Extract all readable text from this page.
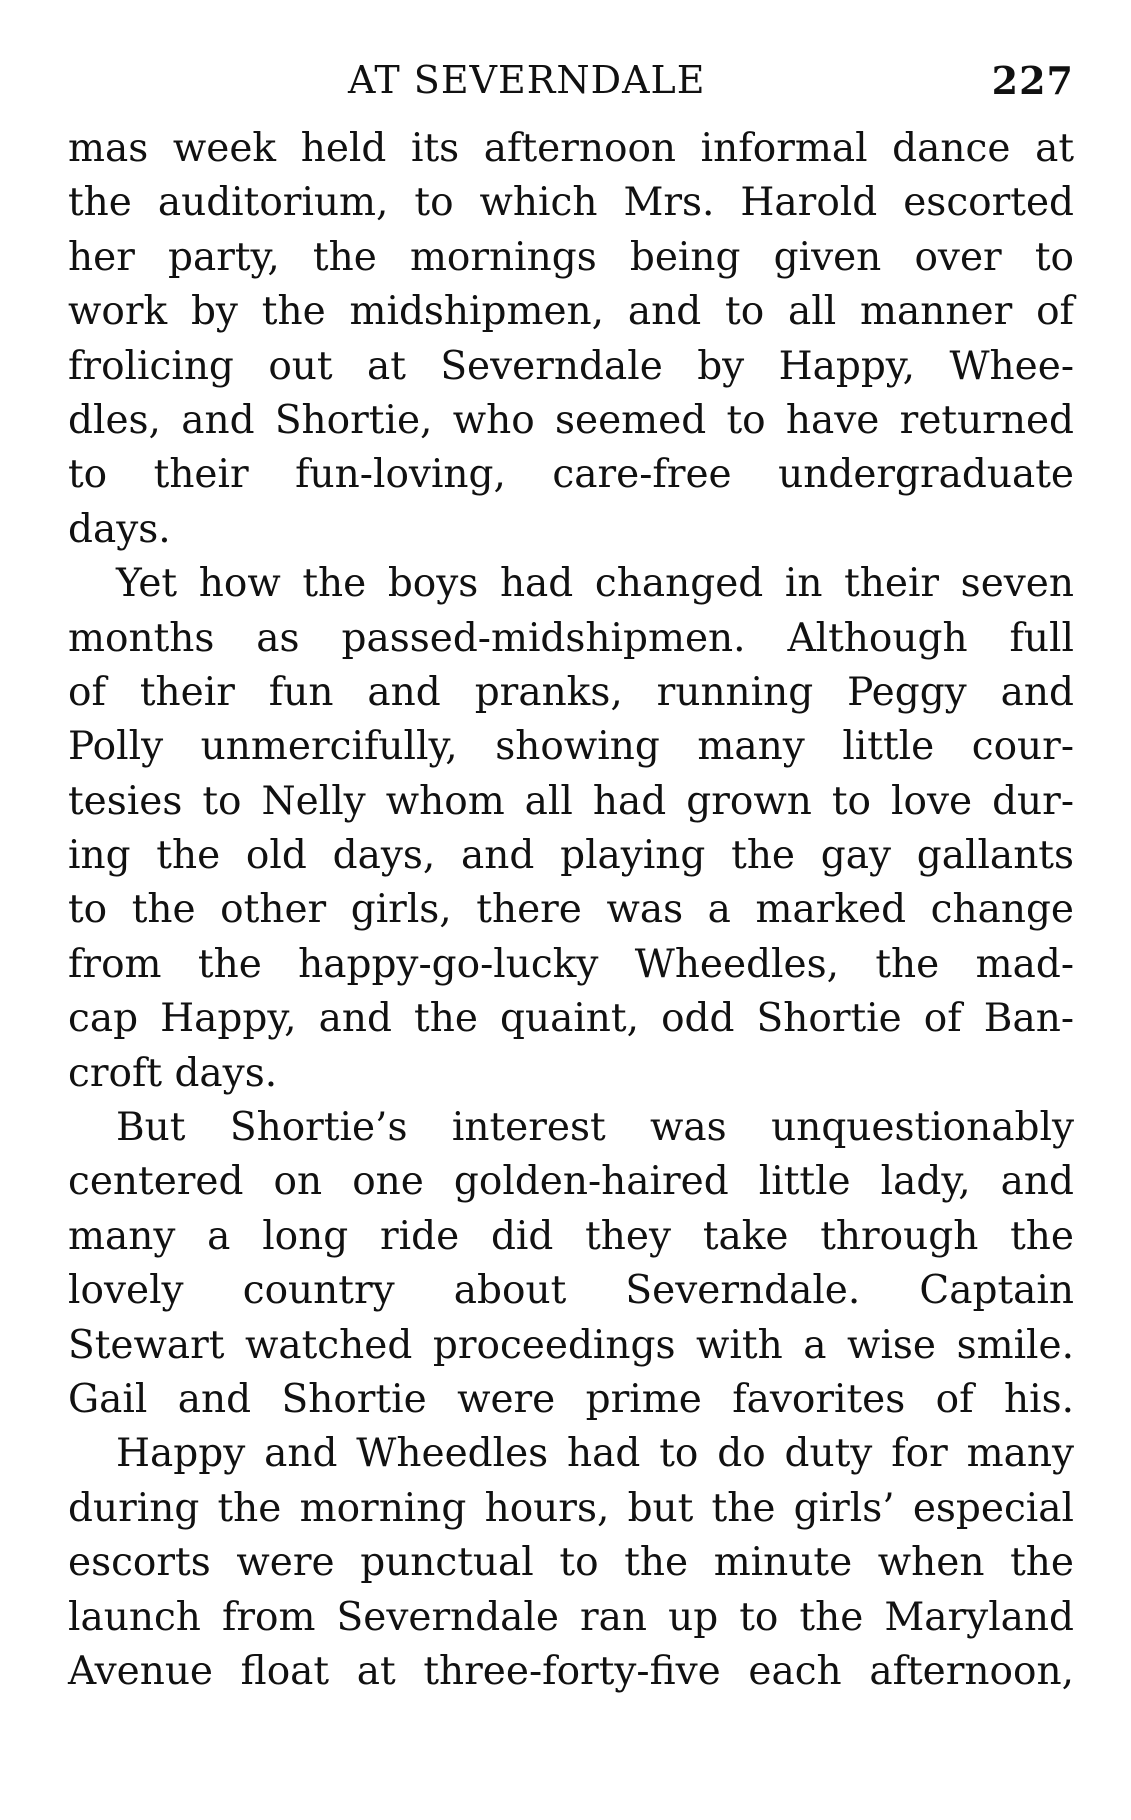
AT SEVERNDALE	227
mas week held its afternoon informal dance at
the auditorium, to which Mrs. Harold escorted
her party, the mornings being given over to
work by the midshipmen, and to all manner of
frolicing out at Severndale by Happy, Whee-
dles, and Shortie, who seemed to have returned
to their fun-loving, care-free undergraduate
days.
Yet how the boys had changed in their seven
months as passed-midshipmen. Although full
of their fun and pranks, running Peggy and
Polly unmercifully, showing many little cour-
tesies to Nelly whom all had grown to love dur-
ing the old days, and playing the gay gallants
to the other girls, there was a marked change
from the happy-go-lucky Wheedles, the mad-
cap Happy, and the quaint, odd Shortie of Ban-
croft days.
But Shortie’s interest was unquestionably
centered on one golden-haired little lady, and
many a long ride did they take through the
lovely country about Severndale. Captain
Stewart watched proceedings with a wise smile.
Gail and Shortie were prime favorites of his.
Happy and Wheedles had to do duty for many
during the morning hours, but the girls’ especial
escorts were punctual to the minute when the
launch from Severndale ran up to the Maryland
Avenue float at three-forty-five each afternoon,
